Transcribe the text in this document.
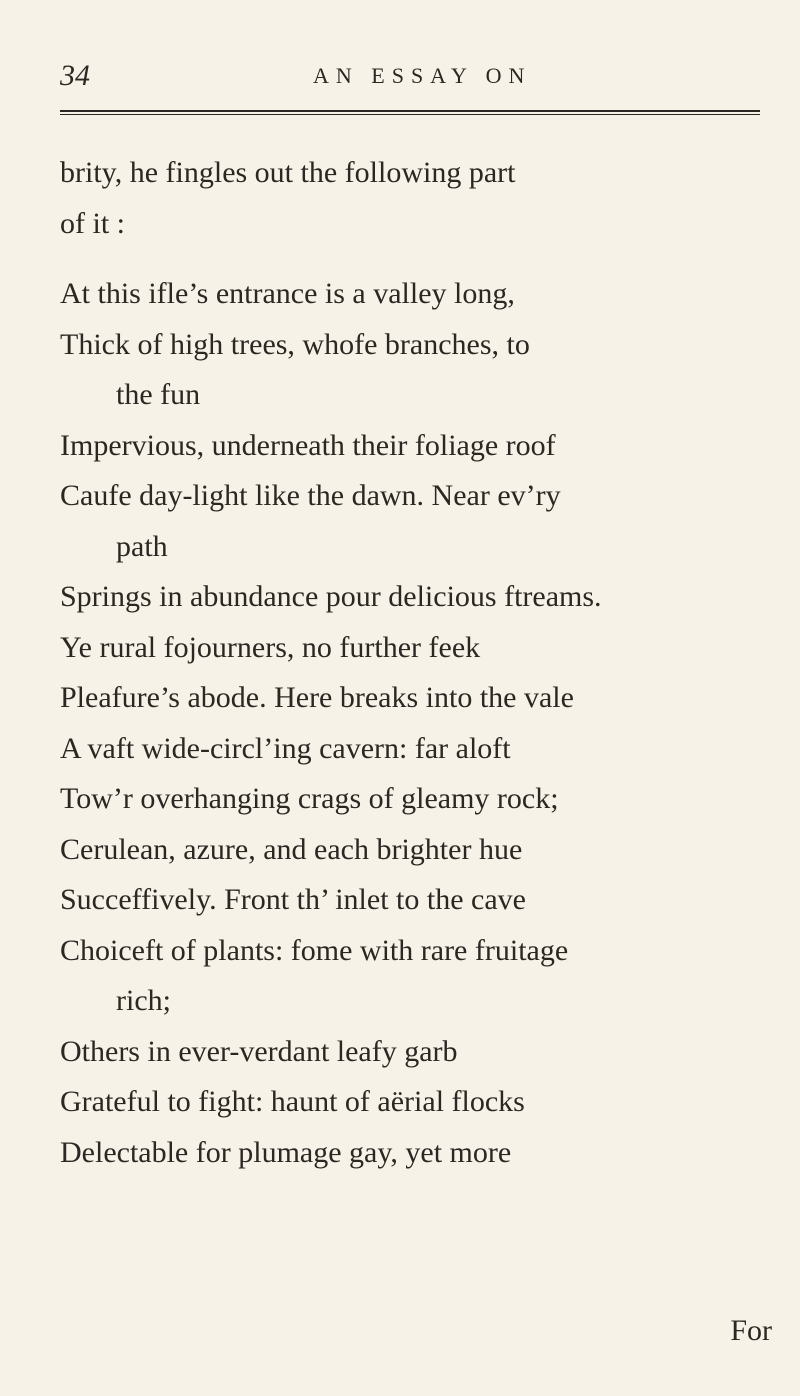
34	AN ESSAY ON
brity, he fingles out the following part
of it :
At this ifle’s entrance is a valley long,
Thick of high trees, whofe branches, to
the fun
Impervious, underneath their foliage roof
Caufe day-light like the dawn. Near ev’ry
path
Springs in abundance pour delicious ftreams.
Ye rural fojourners, no further feek
Pleafure’s abode. Here breaks into the vale
A vaft wide-circl’ing cavern: far aloft
Tow’r overhanging crags of gleamy rock;
Cerulean, azure, and each brighter hue
Succeffively. Front th’ inlet to the cave
Choiceft of plants: fome with rare fruitage
rich;
Others in ever-verdant leafy garb
Grateful to fight: haunt of aërial flocks
Delectable for plumage gay, yet more
For
